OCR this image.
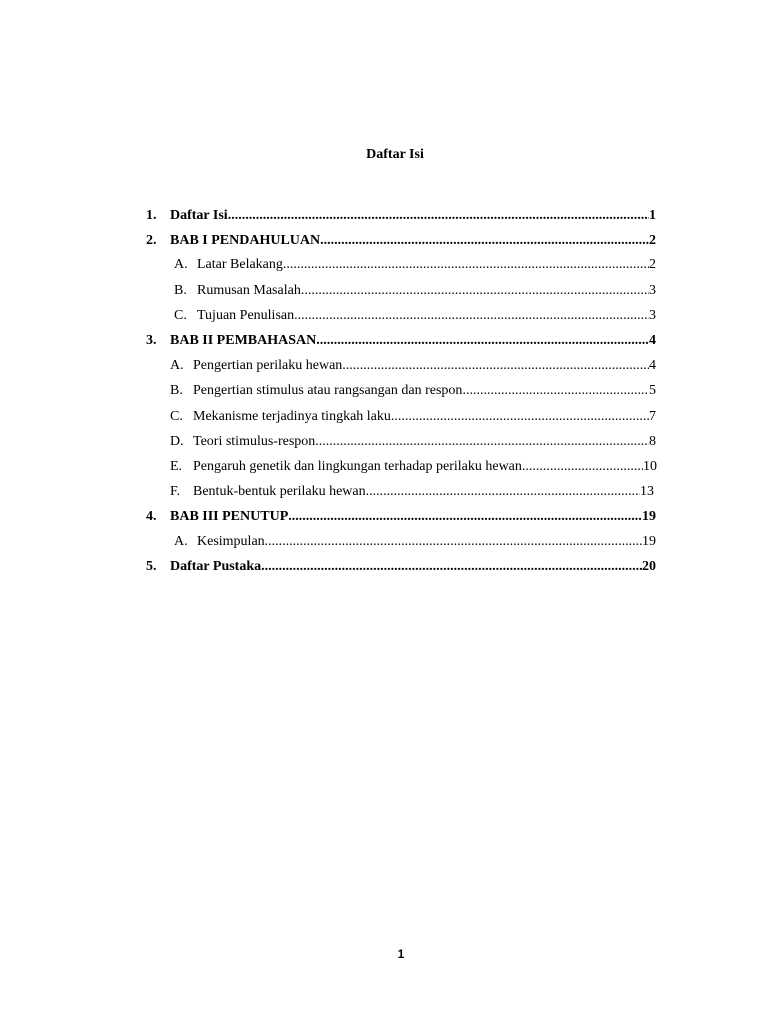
Daftar Isi
1. Daftar Isi .....	1
2. BAB I PENDAHULUAN .....	2
A. Latar Belakang .....	2
B. Rumusan Masalah .....	3
C. Tujuan Penulisan .....	3
3. BAB II PEMBAHASAN .....	4
A. Pengertian perilaku hewan .....	4
B. Pengertian stimulus atau rangsangan dan respon .....	5
C. Mekanisme terjadinya tingkah laku .....	7
D. Teori stimulus-respon .....	8
E. Pengaruh genetik dan lingkungan terhadap perilaku hewan .....	10
F. Bentuk-bentuk perilaku hewan .....	13
4. BAB III PENUTUP .....	19
A. Kesimpulan .....	19
5. Daftar Pustaka .....	20
1
